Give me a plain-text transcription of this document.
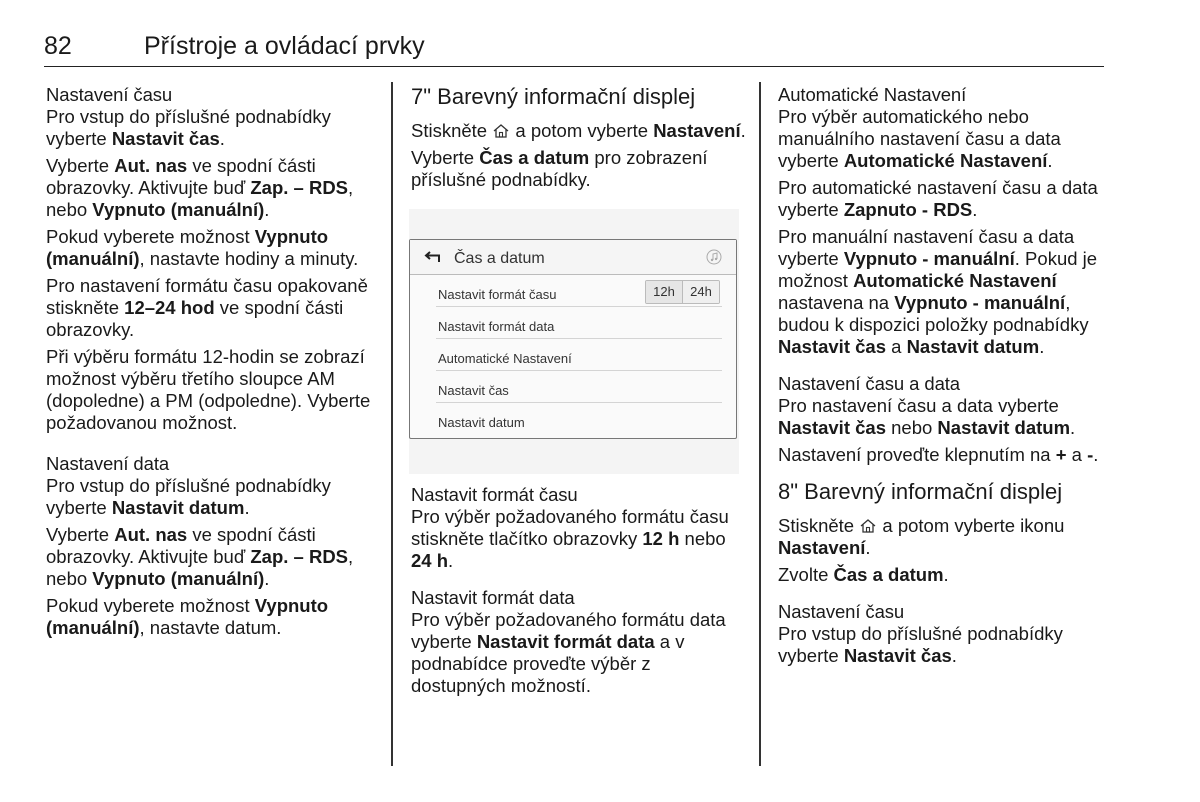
82	Přístroje a ovládací prvky
Nastavení času

Pro vstup do příslušné podnabídky vyberte Nastavit čas.

Vyberte Aut. nas ve spodní části obrazovky. Aktivujte buď Zap. – RDS, nebo Vypnuto (manuální).

Pokud vyberete možnost Vypnuto (manuální), nastavte hodiny a minuty.

Pro nastavení formátu času opakovaně stiskněte 12–24 hod ve spodní části obrazovky.

Při výběru formátu 12-hodin se zobrazí možnost výběru třetího sloupce AM (dopoledne) a PM (odpoledne). Vyberte požadovanou možnost.

Nastavení data

Pro vstup do příslušné podnabídky vyberte Nastavit datum.

Vyberte Aut. nas ve spodní části obrazovky. Aktivujte buď Zap. – RDS, nebo Vypnuto (manuální).

Pokud vyberete možnost Vypnuto (manuální), nastavte datum.

7" Barevný informační displej

Stiskněte  a potom vyberte Nastavení.

Vyberte Čas a datum pro zobrazení příslušné podnabídky.

Čas a datum
Nastavit formát času	12h	24h
Nastavit formát data
Automatické Nastavení
Nastavit čas
Nastavit datum
Nastavit formát času

Pro výběr požadovaného formátu času stiskněte tlačítko obrazovky 12 h nebo 24 h.

Nastavit formát data

Pro výběr požadovaného formátu data vyberte Nastavit formát data a v podnabídce proveďte výběr z dostupných možností.

Automatické Nastavení

Pro výběr automatického nebo manuálního nastavení času a data vyberte Automatické Nastavení.

Pro automatické nastavení času a data vyberte Zapnuto - RDS.

Pro manuální nastavení času a data vyberte Vypnuto - manuální. Pokud je možnost Automatické Nastavení nastavena na Vypnuto - manuální, budou k dispozici položky podnabídky Nastavit čas a Nastavit datum.

Nastavení času a data

Pro nastavení času a data vyberte Nastavit čas nebo Nastavit datum.

Nastavení proveďte klepnutím na + a -.

8" Barevný informační displej

Stiskněte  a potom vyberte ikonu Nastavení.

Zvolte Čas a datum.

Nastavení času

Pro vstup do příslušné podnabídky vyberte Nastavit čas.
